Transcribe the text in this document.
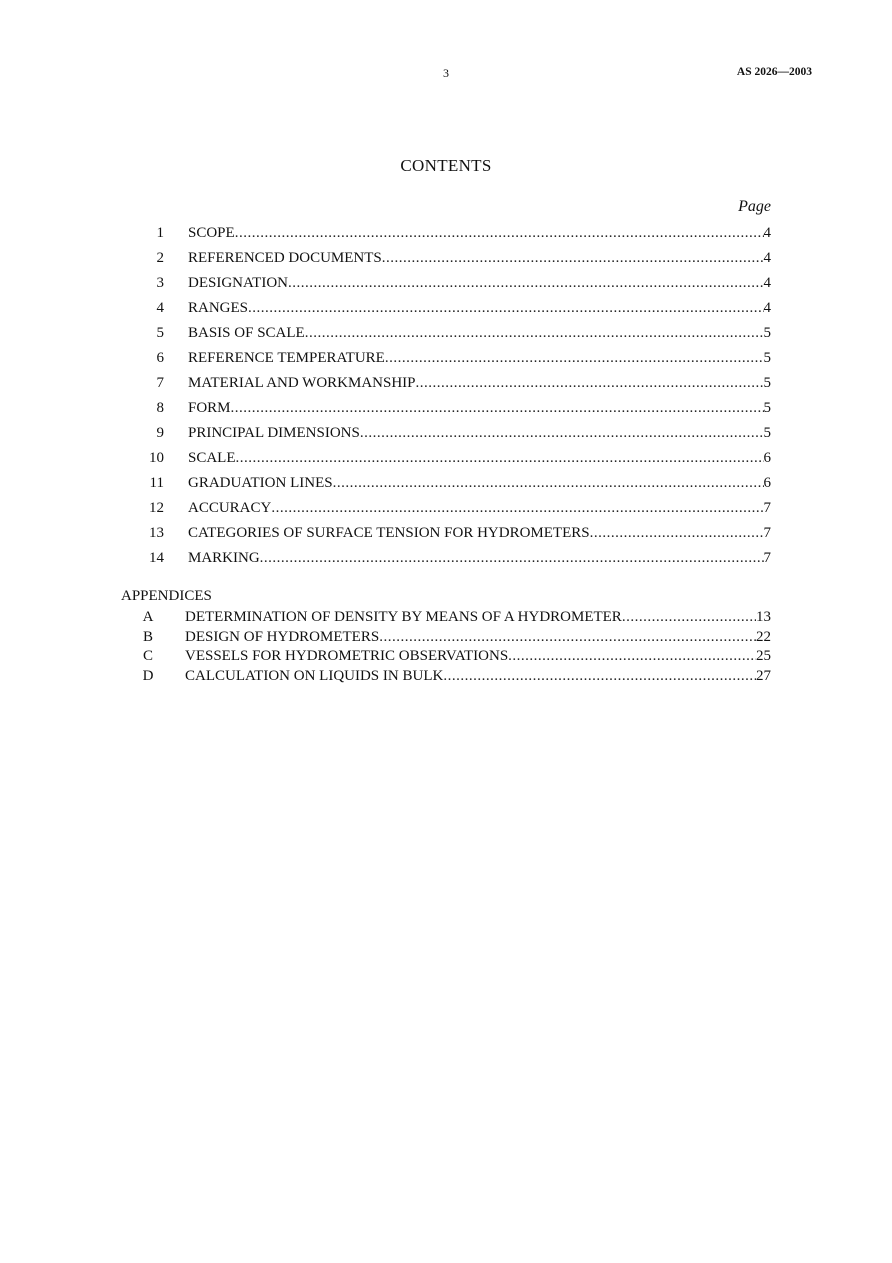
3	AS 2026—2003
CONTENTS
Page
1 SCOPE .....	4
2 REFERENCED DOCUMENTS .....	4
3 DESIGNATION .....	4
4 RANGES .....	4
5 BASIS OF SCALE .....	5
6 REFERENCE TEMPERATURE .....	5
7 MATERIAL AND WORKMANSHIP .....	5
8 FORM .....	5
9 PRINCIPAL DIMENSIONS .....	5
10 SCALE .....	6
11 GRADUATION LINES .....	6
12 ACCURACY .....	7
13 CATEGORIES OF SURFACE TENSION FOR HYDROMETERS .....	7
14 MARKING .....	7
APPENDICES
A DETERMINATION OF DENSITY BY MEANS OF A HYDROMETER .....	13
B DESIGN OF HYDROMETERS .....	22
C VESSELS FOR HYDROMETRIC OBSERVATIONS .....	25
D CALCULATION ON LIQUIDS IN BULK .....	27
